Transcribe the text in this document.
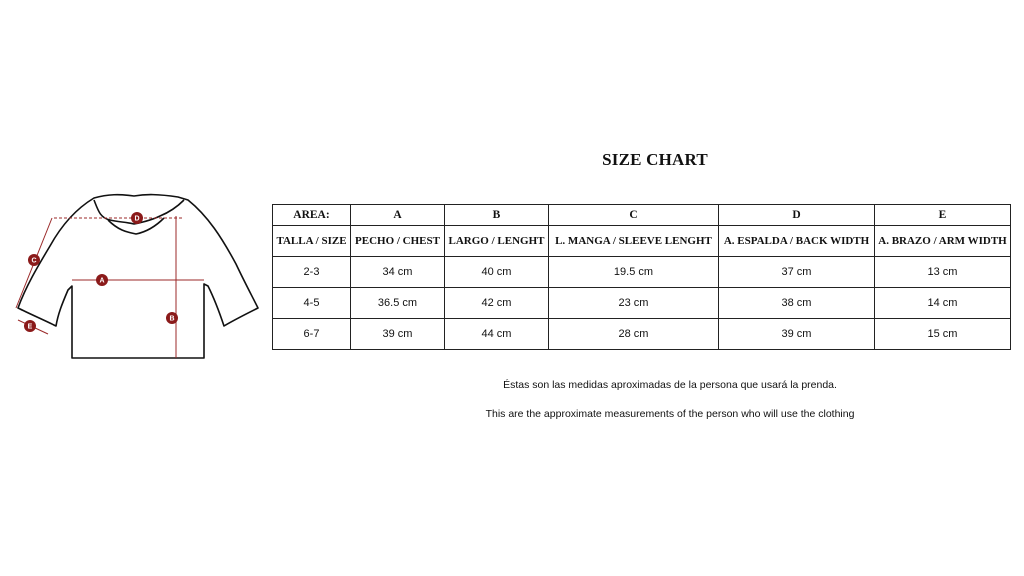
D
A
B
C
E
SIZE CHART
AREA:	A	B	C	D	E
TALLA / SIZE	PECHO / CHEST	LARGO / LENGHT	L. MANGA / SLEEVE LENGHT	A. ESPALDA / BACK WIDTH	A. BRAZO / ARM WIDTH
2-3	34 cm	40 cm	19.5 cm	37 cm	13 cm
4-5	36.5 cm	42 cm	23 cm	38 cm	14 cm
6-7	39 cm	44 cm	28 cm	39 cm	15 cm
Éstas son las medidas aproximadas de la persona que usará la prenda.
This are the approximate measurements of the person who will use the clothing
